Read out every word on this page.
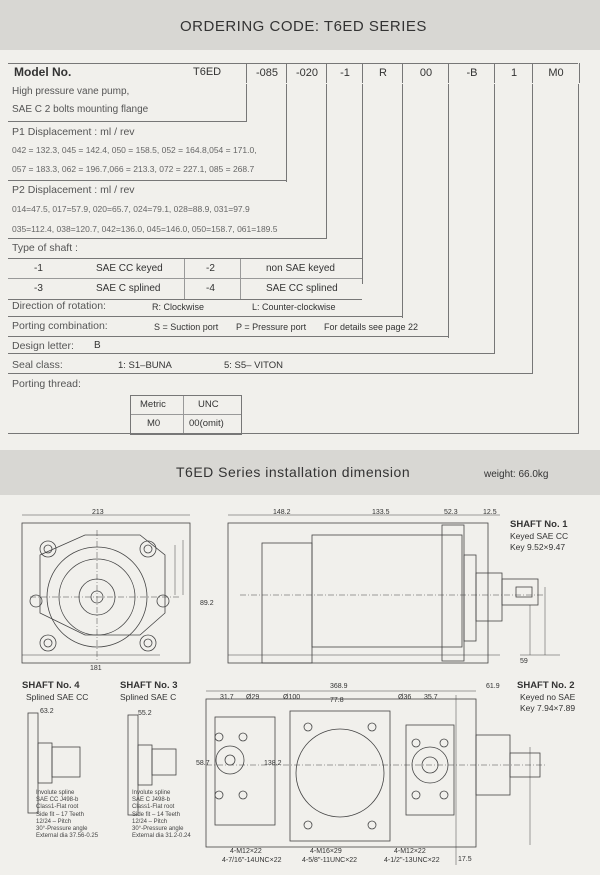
ORDERING CODE: T6ED SERIES
Model No.	T6ED	-085	-020	-1	R	00	-B	1	M0
High pressure vane pump,
SAE C 2 bolts mounting flange
P1 Displacement : ml / rev
042 = 132.3, 045 = 142.4, 050 = 158.5, 052 = 164.8,054 = 171.0,
057 = 183.3, 062 = 196.7,066 = 213.3, 072 = 227.1, 085 = 268.7
P2 Displacement : ml / rev
014=47.5, 017=57.9, 020=65.7, 024=79.1, 028=88.9, 031=97.9
035=112.4, 038=120.7, 042=136.0, 045=146.0, 050=158.7, 061=189.5
Type of shaft :
-1	SAE CC keyed	-2	non SAE keyed
-3	SAE C splined	-4	SAE CC splined
Direction of rotation:	R: Clockwise	L: Counter-clockwise
Porting combination:	S = Suction port P = Pressure port For details see page 22
Design letter: B
Seal class:	1: S1–BUNA	5: S5– VITON
Porting thread:
Metric	UNC
M0	00(omit)
T6ED Series installation dimension	weight: 66.0kg
213
181
148.2	133.5	52.3	12.5
368.9	61.9
77.8
31.7	35.7
Ø29	Ø36
Ø100
17.5
63.2	55.2
89.2
59
58.7	138.2
4-M12×22
4-7/16"-14UNC×22
4-M16×29
4-5/8"-11UNC×22
4-M12×22
4-1/2"-13UNC×22
SHAFT No. 1
Keyed SAE CC
Key 9.52×9.47
SHAFT No. 2
Keyed no SAE
Key 7.94×7.89
SHAFT No. 4
Splined SAE CC
SHAFT No. 3
Splined SAE C
Involute spline
SAE CC J498-b
Class1-Flat root
Side fit – 17 Teeth
12/24 – Pitch
30°-Pressure angle
External dia 37.56-0.25
Involute spline
SAE C J498-b
Class1-Flat root
Side fit – 14 Teeth
12/24 – Pitch
30°-Pressure angle
External dia 31.2-0.24
